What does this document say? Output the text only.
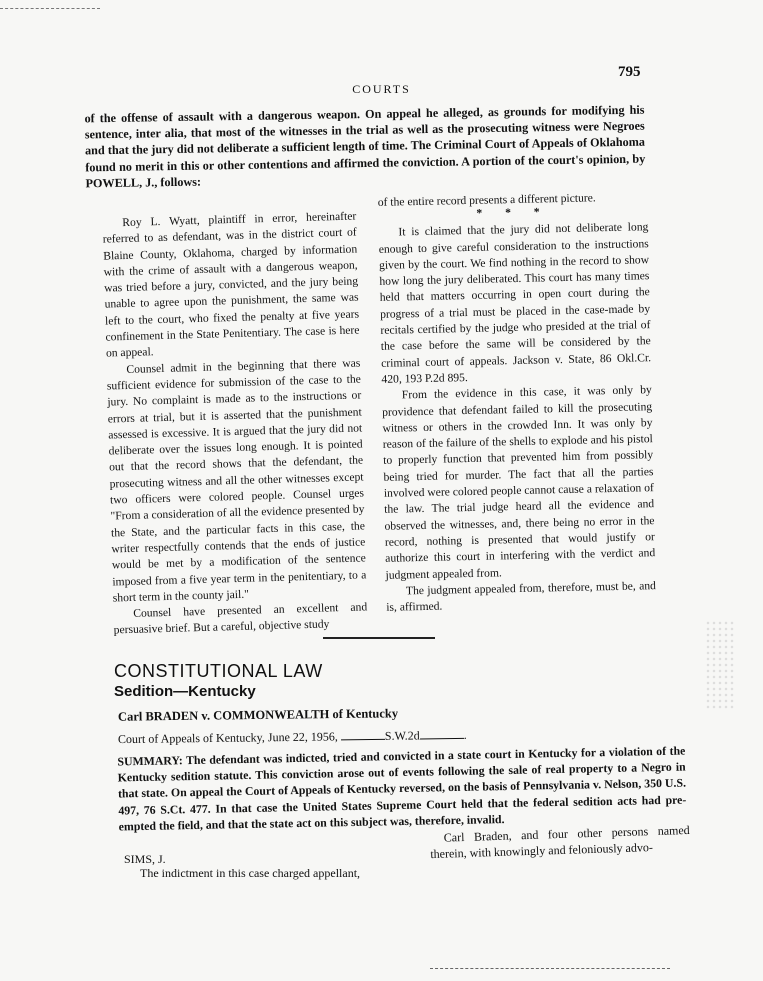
COURTS
795
of the offense of assault with a dangerous weapon. On appeal he alleged, as grounds for modifying his sentence, inter alia, that most of the witnesses in the trial as well as the prosecuting witness were Negroes and that the jury did not deliberate a sufficient length of time. The Criminal Court of Appeals of Oklahoma found no merit in this or other contentions and affirmed the conviction. A portion of the court's opinion, by POWELL, J., follows:

Roy L. Wyatt, plaintiff in error, hereinafter referred to as defendant, was in the district court of Blaine County, Oklahoma, charged by information with the crime of assault with a dangerous weapon, was tried before a jury, convicted, and the jury being unable to agree upon the punishment, the same was left to the court, who fixed the penalty at five years confinement in the State Penitentiary. The case is here on appeal.

Counsel admit in the beginning that there was sufficient evidence for submission of the case to the jury. No complaint is made as to the instructions or errors at trial, but it is asserted that the punishment assessed is excessive. It is argued that the jury did not deliberate over the issues long enough. It is pointed out that the record shows that the defendant, the prosecuting witness and all the other witnesses except two officers were colored people. Counsel urges "From a consideration of all the evidence presented by the State, and the particular facts in this case, the writer respectfully contends that the ends of justice would be met by a modification of the sentence imposed from a five year term in the penitentiary, to a short term in the county jail."

Counsel have presented an excellent and persuasive brief. But a careful, objective study

of the entire record presents a different picture.

* * *

It is claimed that the jury did not deliberate long enough to give careful consideration to the instructions given by the court. We find nothing in the record to show how long the jury deliberated. This court has many times held that matters occurring in open court during the progress of a trial must be placed in the case-made by recitals certified by the judge who presided at the trial of the case before the same will be considered by the criminal court of appeals. Jackson v. State, 86 Okl.Cr. 420, 193 P.2d 895.

From the evidence in this case, it was only by providence that defendant failed to kill the prosecuting witness or others in the crowded Inn. It was only by reason of the failure of the shells to explode and his pistol to properly function that prevented him from possibly being tried for murder. The fact that all the parties involved were colored people cannot cause a relaxation of the law. The trial judge heard all the evidence and observed the witnesses, and, there being no error in the record, nothing is presented that would justify or authorize this court in interfering with the verdict and judgment appealed from.

The judgment appealed from, therefore, must be, and is, affirmed.

CONSTITUTIONAL LAW
Sedition—Kentucky
Carl BRADEN v. COMMONWEALTH of Kentucky
Court of Appeals of Kentucky, June 22, 1956,	S.W.2d	.
SUMMARY: The defendant was indicted, tried and convicted in a state court in Kentucky for a violation of the Kentucky sedition statute. This conviction arose out of events following the sale of real property to a Negro in that state. On appeal the Court of Appeals of Kentucky reversed, on the basis of Pennsylvania v. Nelson, 350 U.S. 497, 76 S.Ct. 477. In that case the United States Supreme Court held that the federal sedition acts had pre-empted the field, and that the state act on this subject was, therefore, invalid.
SIMS, J.
The indictment in this case charged appellant,
Carl Braden, and four other persons named therein, with knowingly and feloniously advo-
